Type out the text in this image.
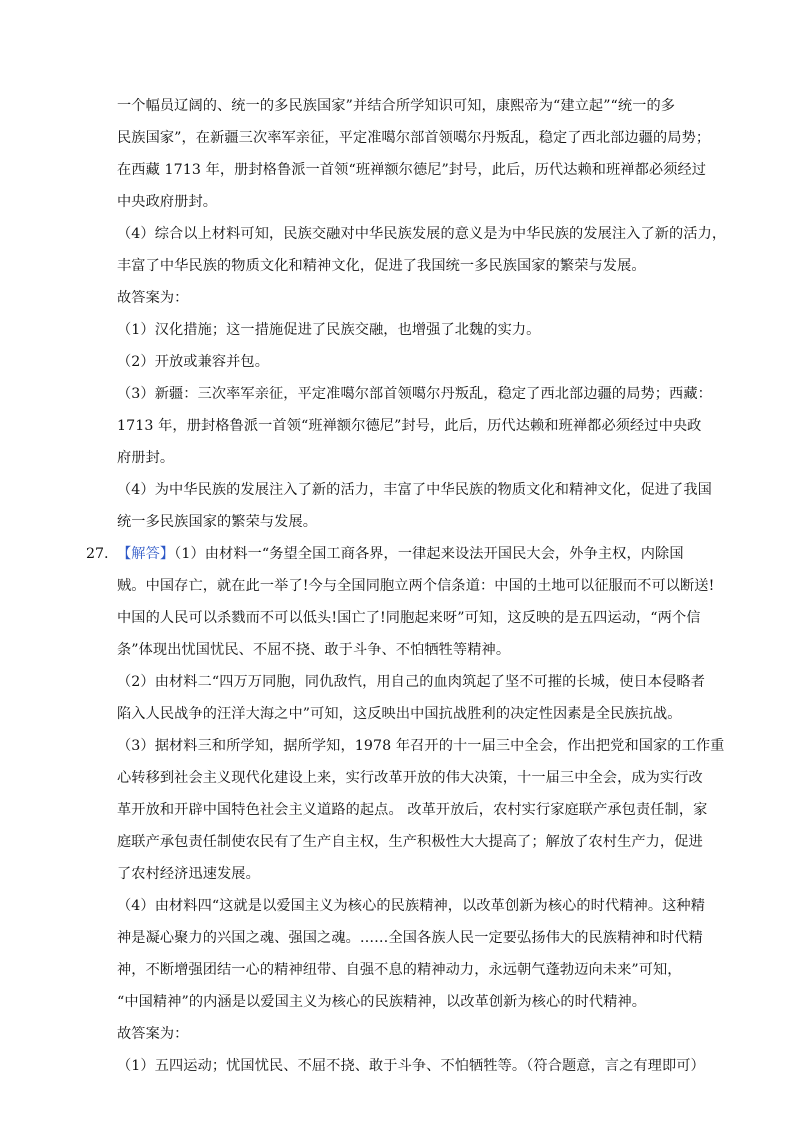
一个幅员辽阔的、统一的多民族国家”并结合所学知识可知，康熙帝为“建立起”“统一的多
民族国家”，在新疆三次率军亲征，平定准噶尔部首领噶尔丹叛乱，稳定了西北部边疆的局势；
在西藏 1713 年，册封格鲁派一首领“班禅额尔德尼”封号，此后，历代达赖和班禅都必须经过
中央政府册封。
（4）综合以上材料可知，民族交融对中华民族发展的意义是为中华民族的发展注入了新的活力，
丰富了中华民族的物质文化和精神文化，促进了我国统一多民族国家的繁荣与发展。
故答案为：
（1）汉化措施；这一措施促进了民族交融，也增强了北魏的实力。
（2）开放或兼容并包。
（3）新疆：三次率军亲征，平定准噶尔部首领噶尔丹叛乱，稳定了西北部边疆的局势；西藏：
1713 年，册封格鲁派一首领“班禅额尔德尼”封号，此后，历代达赖和班禅都必须经过中央政
府册封。
（4）为中华民族的发展注入了新的活力，丰富了中华民族的物质文化和精神文化，促进了我国
统一多民族国家的繁荣与发展。
27. 【解答】（1）由材料一“务望全国工商各界，一律起来设法开国民大会，外争主权，内除国
贼。中国存亡，就在此一举了!今与全国同胞立两个信条道：中国的土地可以征服而不可以断送!
中国的人民可以杀戮而不可以低头!国亡了!同胞起来呀”可知，这反映的是五四运动，“两个信
条”体现出忧国忧民、不屈不挠、敢于斗争、不怕牺牲等精神。
（2）由材料二“四万万同胞，同仇敌忾，用自己的血肉筑起了坚不可摧的长城，使日本侵略者
陷入人民战争的汪洋大海之中”可知，这反映出中国抗战胜利的决定性因素是全民族抗战。
（3）据材料三和所学知，据所学知，1978 年召开的十一届三中全会，作出把党和国家的工作重
心转移到社会主义现代化建设上来，实行改革开放的伟大决策，十一届三中全会，成为实行改
革开放和开辟中国特色社会主义道路的起点。 改革开放后，农村实行家庭联产承包责任制，家
庭联产承包责任制使农民有了生产自主权，生产积极性大大提高了；解放了农村生产力，促进
了农村经济迅速发展。
（4）由材料四“这就是以爱国主义为核心的民族精神，以改革创新为核心的时代精神。这种精
神是凝心聚力的兴国之魂、强国之魂。……全国各族人民一定要弘扬伟大的民族精神和时代精
神，不断增强团结一心的精神纽带、自强不息的精神动力，永远朝气蓬勃迈向未来”可知，
“中国精神”的内涵是以爱国主义为核心的民族精神，以改革创新为核心的时代精神。
故答案为：
（1）五四运动；忧国忧民、不屈不挠、敢于斗争、不怕牺牲等。（符合题意，言之有理即可）
